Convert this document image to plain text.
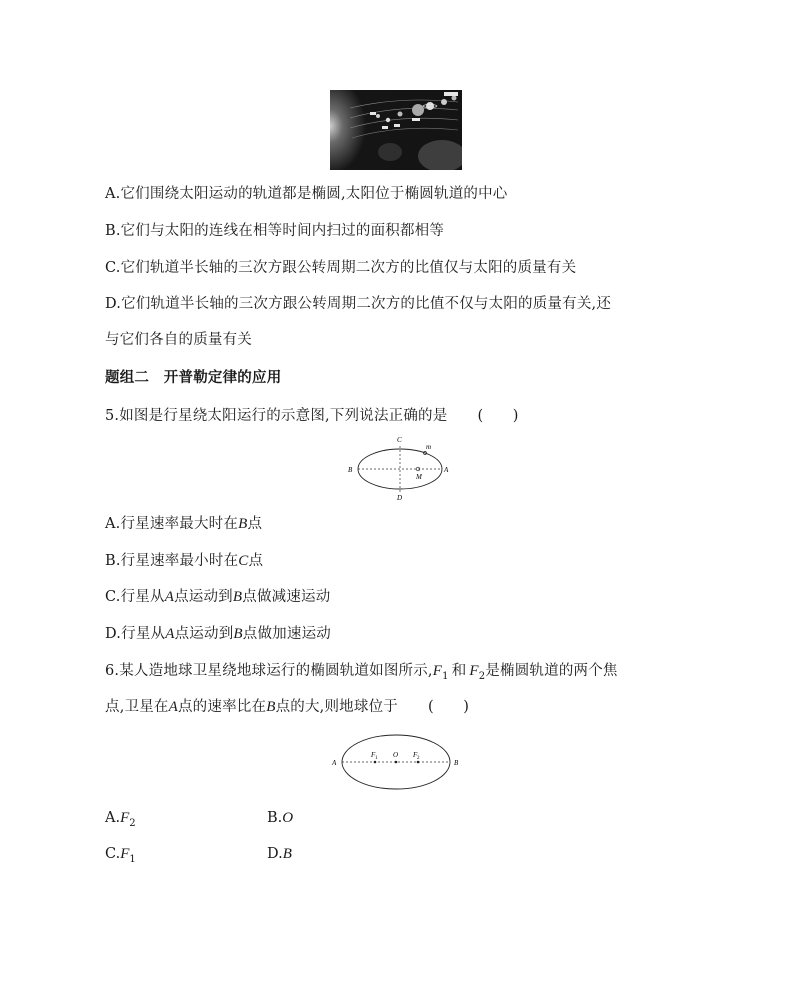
A.它们围绕太阳运动的轨道都是椭圆,太阳位于椭圆轨道的中心
B.它们与太阳的连线在相等时间内扫过的面积都相等
C.它们轨道半长轴的三次方跟公转周期二次方的比值仅与太阳的质量有关
D.它们轨道半长轴的三次方跟公转周期二次方的比值不仅与太阳的质量有关,还
与它们各自的质量有关
题组二　开普勒定律的应用
5.如图是行星绕太阳运行的示意图,下列说法正确的是 (　　)
C
m
B	A
M
D
A.行星速率最大时在B点
B.行星速率最小时在C点
C.行星从A点运动到B点做减速运动
D.行星从A点运动到B点做加速运动
6.某人造地球卫星绕地球运行的椭圆轨道如图所示$,F_1$ 和 $F_2$是椭圆轨道的两个焦
点,卫星在A点的速率比在B点的大,则地球位于 (　　)
A
F 1 O F 2
B
$A.F_2$	B.O
$C.F_1$	D.B
